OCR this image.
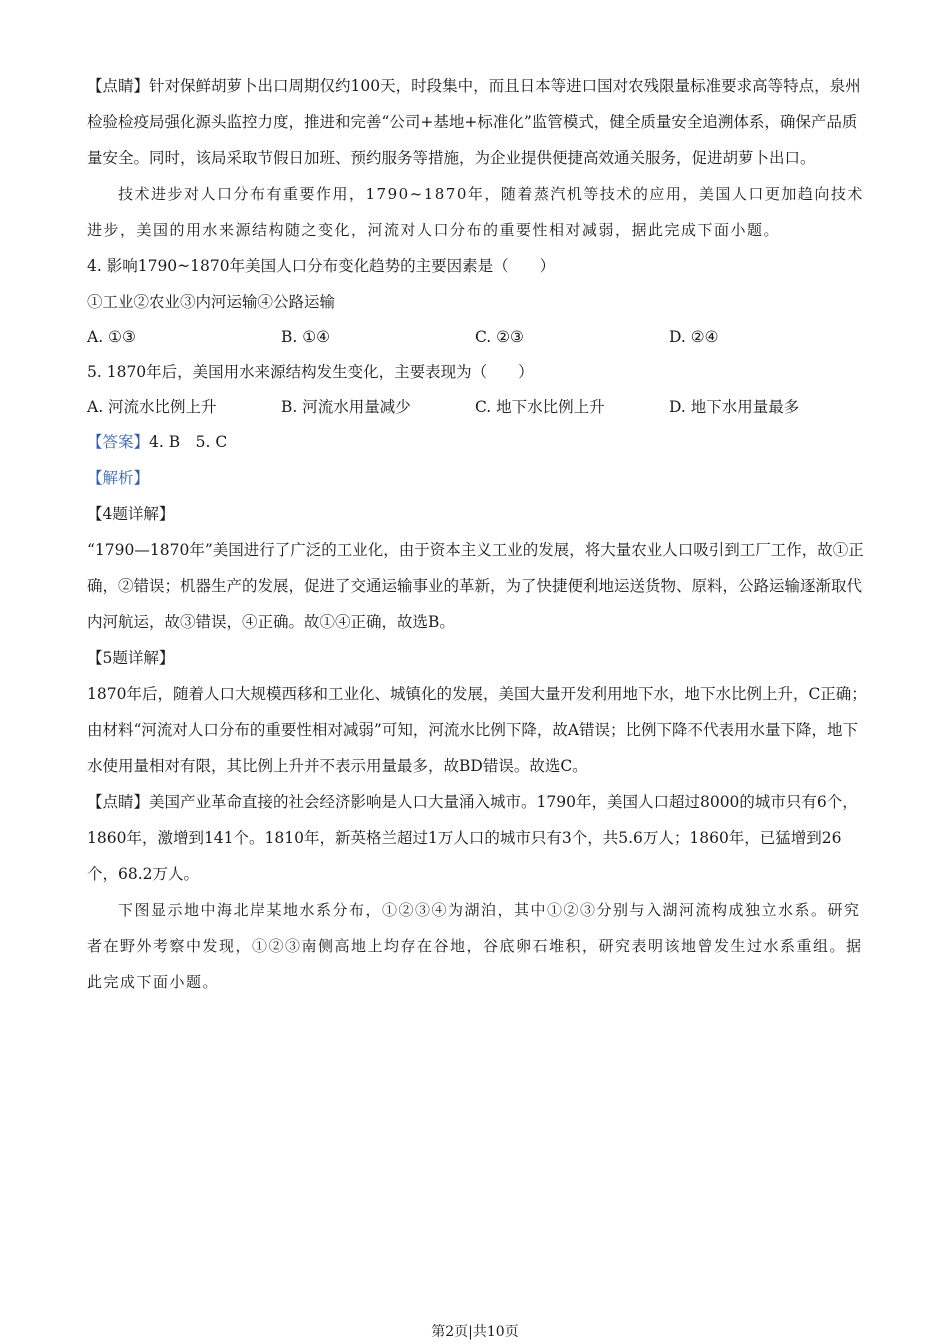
【点睛】针对保鲜胡萝卜出口周期仅约100天，时段集中，而且日本等进口国对农残限量标准要求高等特点，泉州检验检疫局强化源头监控力度，推进和完善“公司+基地+标准化”监管模式，健全质量安全追溯体系，确保产品质量安全。同时，该局采取节假日加班、预约服务等措施，为企业提供便捷高效通关服务，促进胡萝卜出口。

技术进步对人口分布有重要作用，1790~1870年，随着蒸汽机等技术的应用，美国人口更加趋向技术进步，美国的用水来源结构随之变化，河流对人口分布的重要性相对减弱，据此完成下面小题。

4. 影响1790~1870年美国人口分布变化趋势的主要因素是（　　）

①工业②农业③内河运输④公路运输

A. ①③	B. ①④	C. ②③	D. ②④

5. 1870年后，美国用水来源结构发生变化，主要表现为（　　）

A. 河流水比例上升	B. 河流水用量减少	C. 地下水比例上升	D. 地下水用量最多

【答案】4. B　5. C

【解析】

【4题详解】

“1790—1870年”美国进行了广泛的工业化，由于资本主义工业的发展，将大量农业人口吸引到工厂工作，故①正确，②错误；机器生产的发展，促进了交通运输事业的革新，为了快捷便利地运送货物、原料，公路运输逐渐取代内河航运，故③错误，④正确。故①④正确，故选B。

【5题详解】

1870年后，随着人口大规模西移和工业化、城镇化的发展，美国大量开发利用地下水，地下水比例上升，C正确；由材料“河流对人口分布的重要性相对减弱”可知，河流水比例下降，故A错误；比例下降不代表用水量下降，地下水使用量相对有限，其比例上升并不表示用量最多，故BD错误。故选C。

【点睛】美国产业革命直接的社会经济影响是人口大量涌入城市。1790年，美国人口超过8000的城市只有6个，1860年，激增到141个。1810年，新英格兰超过1万人口的城市只有3个，共5.6万人；1860年，已猛增到26个，68.2万人。

下图显示地中海北岸某地水系分布，①②③④为湖泊，其中①②③分别与入湖河流构成独立水系。研究者在野外考察中发现，①②③南侧高地上均存在谷地，谷底卵石堆积，研究表明该地曾发生过水系重组。据此完成下面小题。

第2页|共10页
